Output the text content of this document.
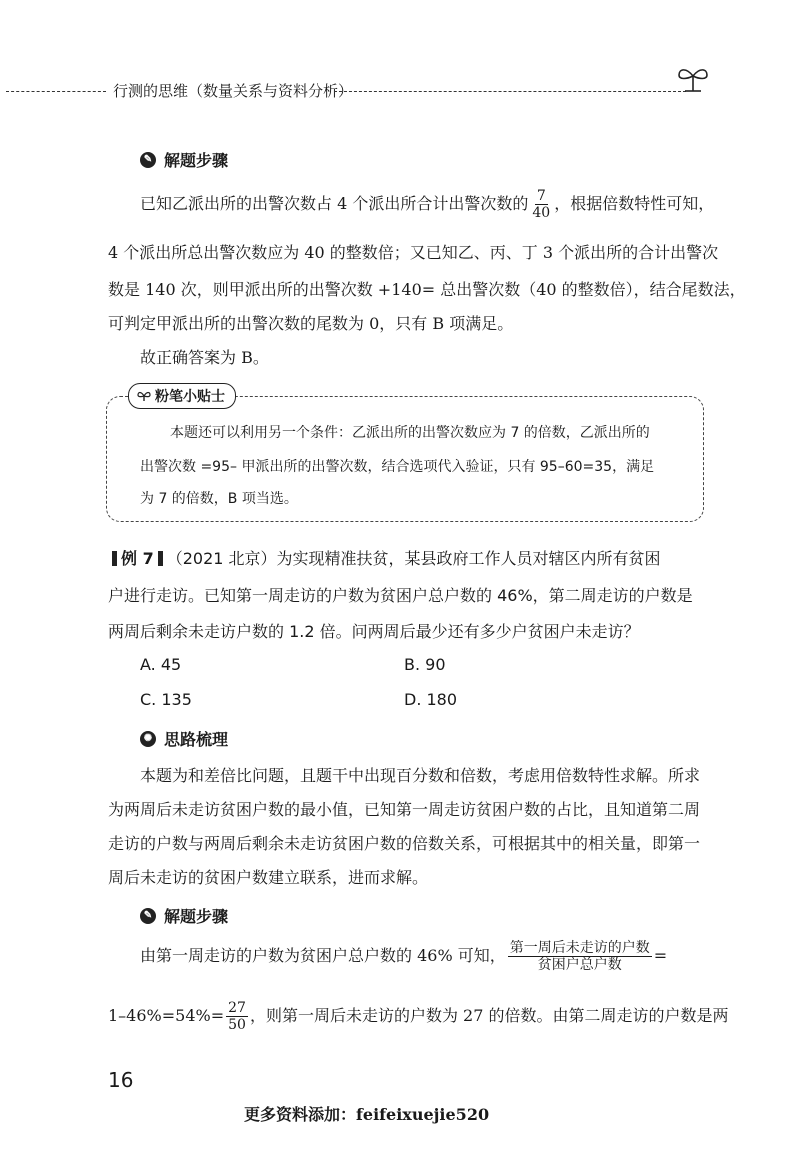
行测的思维（数量关系与资料分析）
✎ 解题步骤
已知乙派出所的出警次数占 4 个派出所合计出警次数的 $\frac{7}{40}$ ，根据倍数特性可知，
4 个派出所总出警次数应为 40 的整数倍；又已知乙、丙、丁 3 个派出所的合计出警次
数是 140 次，则甲派出所的出警次数 +140= 总出警次数（40 的整数倍），结合尾数法，
可判定甲派出所的出警次数的尾数为 0，只有 B 项满足。
故正确答案为 B。
粉笔小贴士
本题还可以利用另一个条件：乙派出所的出警次数应为 7 的倍数，乙派出所的
出警次数 =95– 甲派出所的出警次数，结合选项代入验证，只有 95–60=35，满足
为 7 的倍数，B 项当选。
例 7 （2021 北京）为实现精准扶贫，某县政府工作人员对辖区内所有贫困
户进行走访。已知第一周走访的户数为贫困户总户数的 46%，第二周走访的户数是
两周后剩余未走访户数的 1.2 倍。问两周后最少还有多少户贫困户未走访？
A. 45	B. 90
C. 135	D. 180
✺ 思路梳理
本题为和差倍比问题，且题干中出现百分数和倍数，考虑用倍数特性求解。所求
为两周后未走访贫困户数的最小值，已知第一周走访贫困户数的占比，且知道第二周
走访的户数与两周后剩余未走访贫困户数的倍数关系，可根据其中的相关量，即第一
周后未走访的贫困户数建立联系，进而求解。
✎ 解题步骤
由第一周走访的户数为贫困户总户数的 46% 可知， $\frac{\text{第一周后未走访的户数}}{\text{贫困户总户数}}$ =
$1-46\%=54\%= \frac{27}{50}$ ，则第一周后未走访的户数为 27 的倍数。由第二周走访的户数是两
16
更多资料添加：feifeixuejie520
